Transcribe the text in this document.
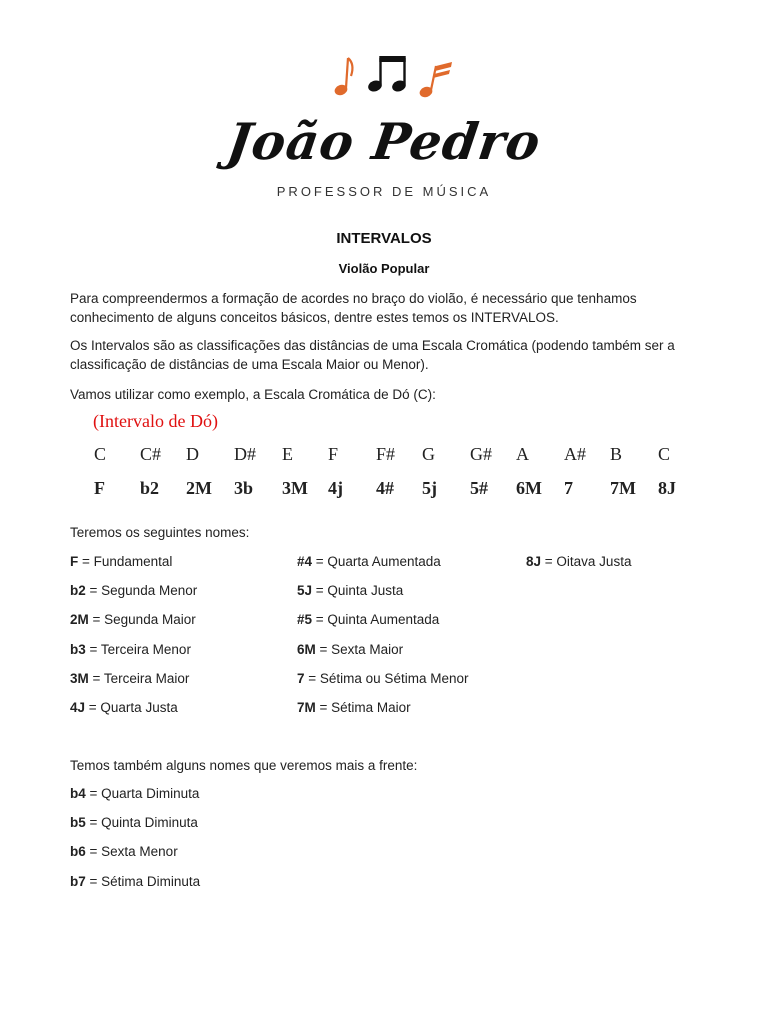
João Pedro
PROFESSOR DE MÚSICA
INTERVALOS
Violão Popular
Para compreendermos a formação de acordes no braço do violão, é necessário que tenhamos conhecimento de alguns conceitos básicos, dentre estes temos os INTERVALOS.
Os Intervalos são as classificações das distâncias de uma Escala Cromática (podendo também ser a classificação de distâncias de uma Escala Maior ou Menor).
Vamos utilizar como exemplo, a Escala Cromática de Dó (C):
(Intervalo de Dó)
C C# D D# E F F# G G# A A# B C
F b2 2M 3b 3M 4j 4# 5j 5# 6M 7 7M 8J
Teremos os seguintes nomes:
F = Fundamental
b2 = Segunda Menor
2M = Segunda Maior
b3 = Terceira Menor
3M = Terceira Maior
4J = Quarta Justa
#4 = Quarta Aumentada
5J = Quinta Justa
#5 = Quinta Aumentada
6M = Sexta Maior
7 = Sétima ou Sétima Menor
7M = Sétima Maior
8J = Oitava Justa
Temos também alguns nomes que veremos mais a frente:
b4 = Quarta Diminuta
b5 = Quinta Diminuta
b6 = Sexta Menor
b7 = Sétima Diminuta
